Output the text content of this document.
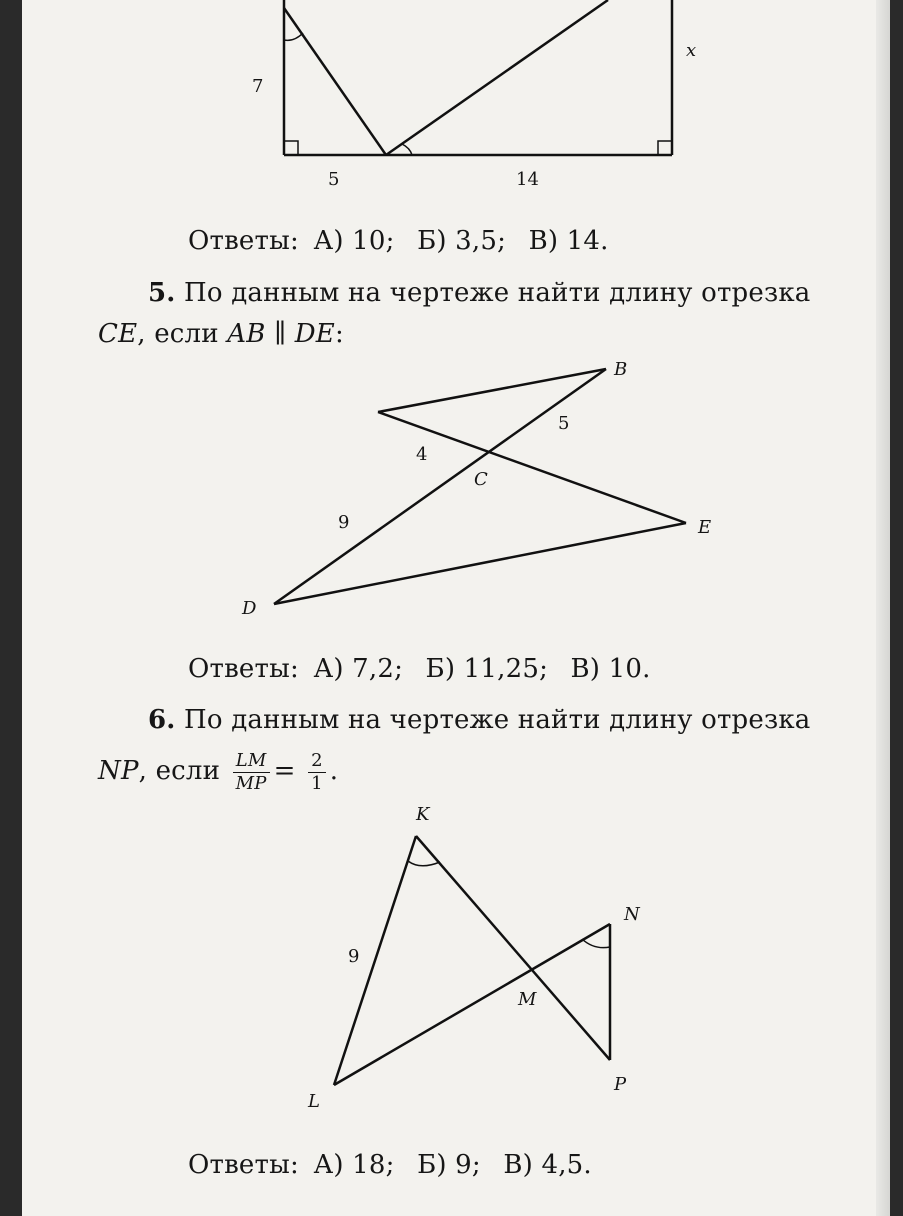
7
5	14
x
Ответы: А) 10; Б) 3,5; В) 14.
5. По данным на чертеже найти длину отрезка
CE, если AB ∥ DE:
B
C
D
E
4
5
9
Ответы: А) 7,2; Б) 11,25; В) 10.
6. По данным на чертеже найти длину отрезка
NP, если $\frac{LM}{MP} = \frac{2}{1}$ .
K
N
M
L
P
9
Ответы: А) 18; Б) 9; В) 4,5.
